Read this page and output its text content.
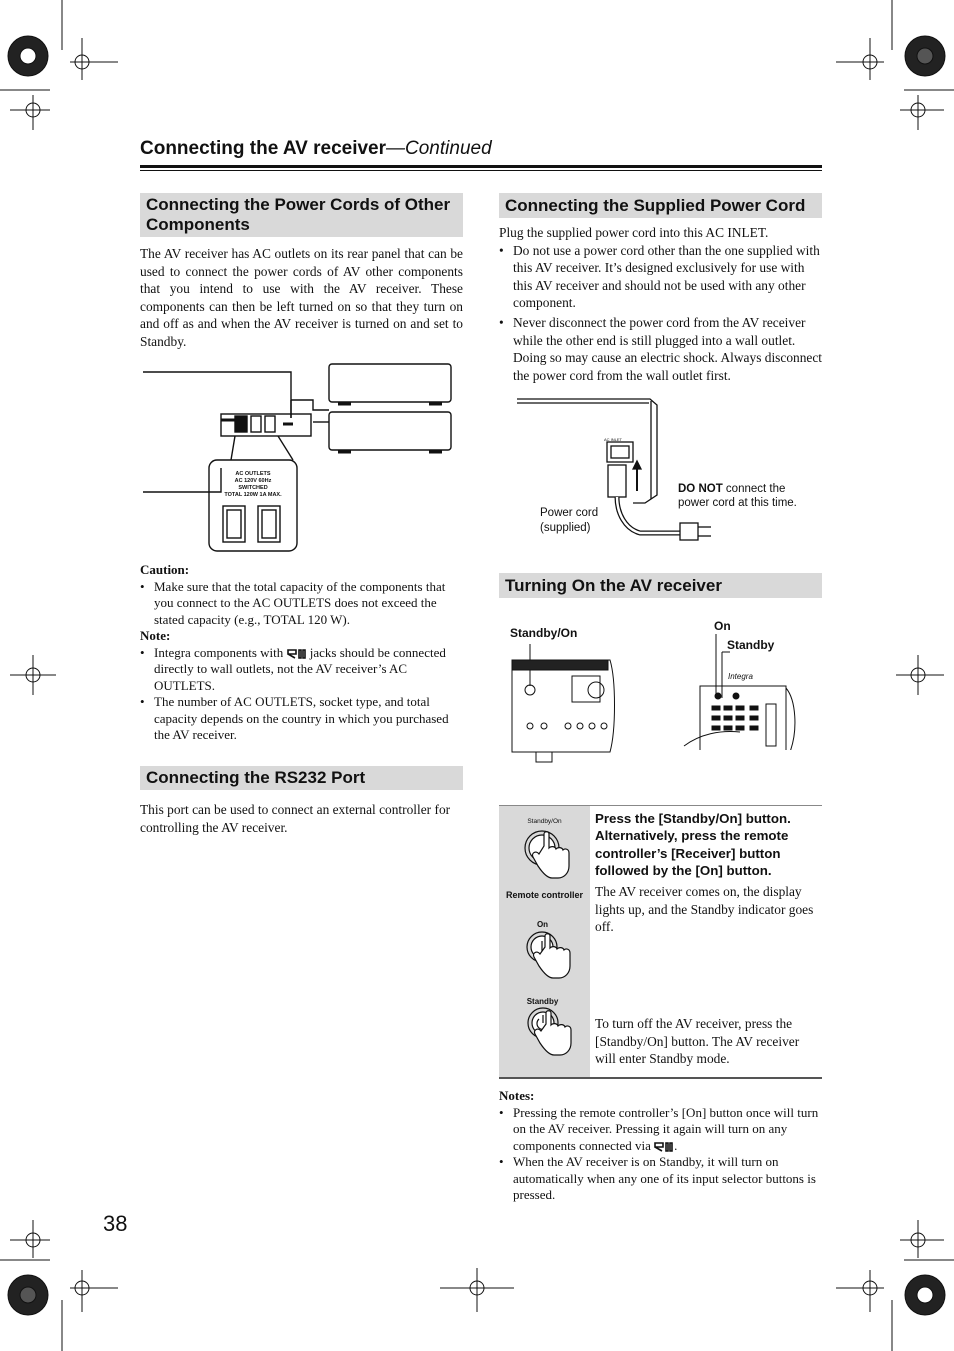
Connecting the AV receiver—Continued
Connecting the Power Cords of Other Components
The AV receiver has AC outlets on its rear panel that can be used to connect the power cords of AV other components that you intend to use with the AV receiver. These components can then be left turned on so that they turn on and off as and when the AV receiver is turned on and set to Standby.
AC OUTLETS
AC 120V 60Hz
SWITCHED
TOTAL 120W 1A MAX.
Caution:
• Make sure that the total capacity of the components that you connect to the AC OUTLETS does not exceed the stated capacity (e.g., TOTAL 120 W).
Note:
• Integra components with jacks should be connected directly to wall outlets, not the AV receiver’s AC OUTLETS.
• The number of AC OUTLETS, socket type, and total capacity depends on the country in which you purchased the AV receiver.
Connecting the RS232 Port
This port can be used to connect an external controller for controlling the AV receiver.
Connecting the Supplied Power Cord
Plug the supplied power cord into this AC INLET.
• Do not use a power cord other than the one supplied with this AV receiver. It’s designed exclusively for use with this AV receiver and should not be used with any other component.
• Never disconnect the power cord from the AV receiver while the other end is still plugged into a wall outlet. Doing so may cause an electric shock. Always disconnect the power cord from the wall outlet first.
AC INLET
DO NOT connect the power cord at this time.
Power cord
(supplied)
Turning On the AV receiver
Standby/On	On
Standby
Integra
Standby/On
Remote controller
On
Standby
Press the [Standby/On] button. Alternatively, press the remote controller’s [Receiver] button followed by the [On] button.
The AV receiver comes on, the display lights up, and the Standby indicator goes off.
To turn off the AV receiver, press the [Standby/On] button. The AV receiver will enter Standby mode.
Notes:
• Pressing the remote controller’s [On] button once will turn on the AV receiver. Pressing it again will turn on any components connected via .
• When the AV receiver is on Standby, it will turn on automatically when any one of its input selector buttons is pressed.
38
